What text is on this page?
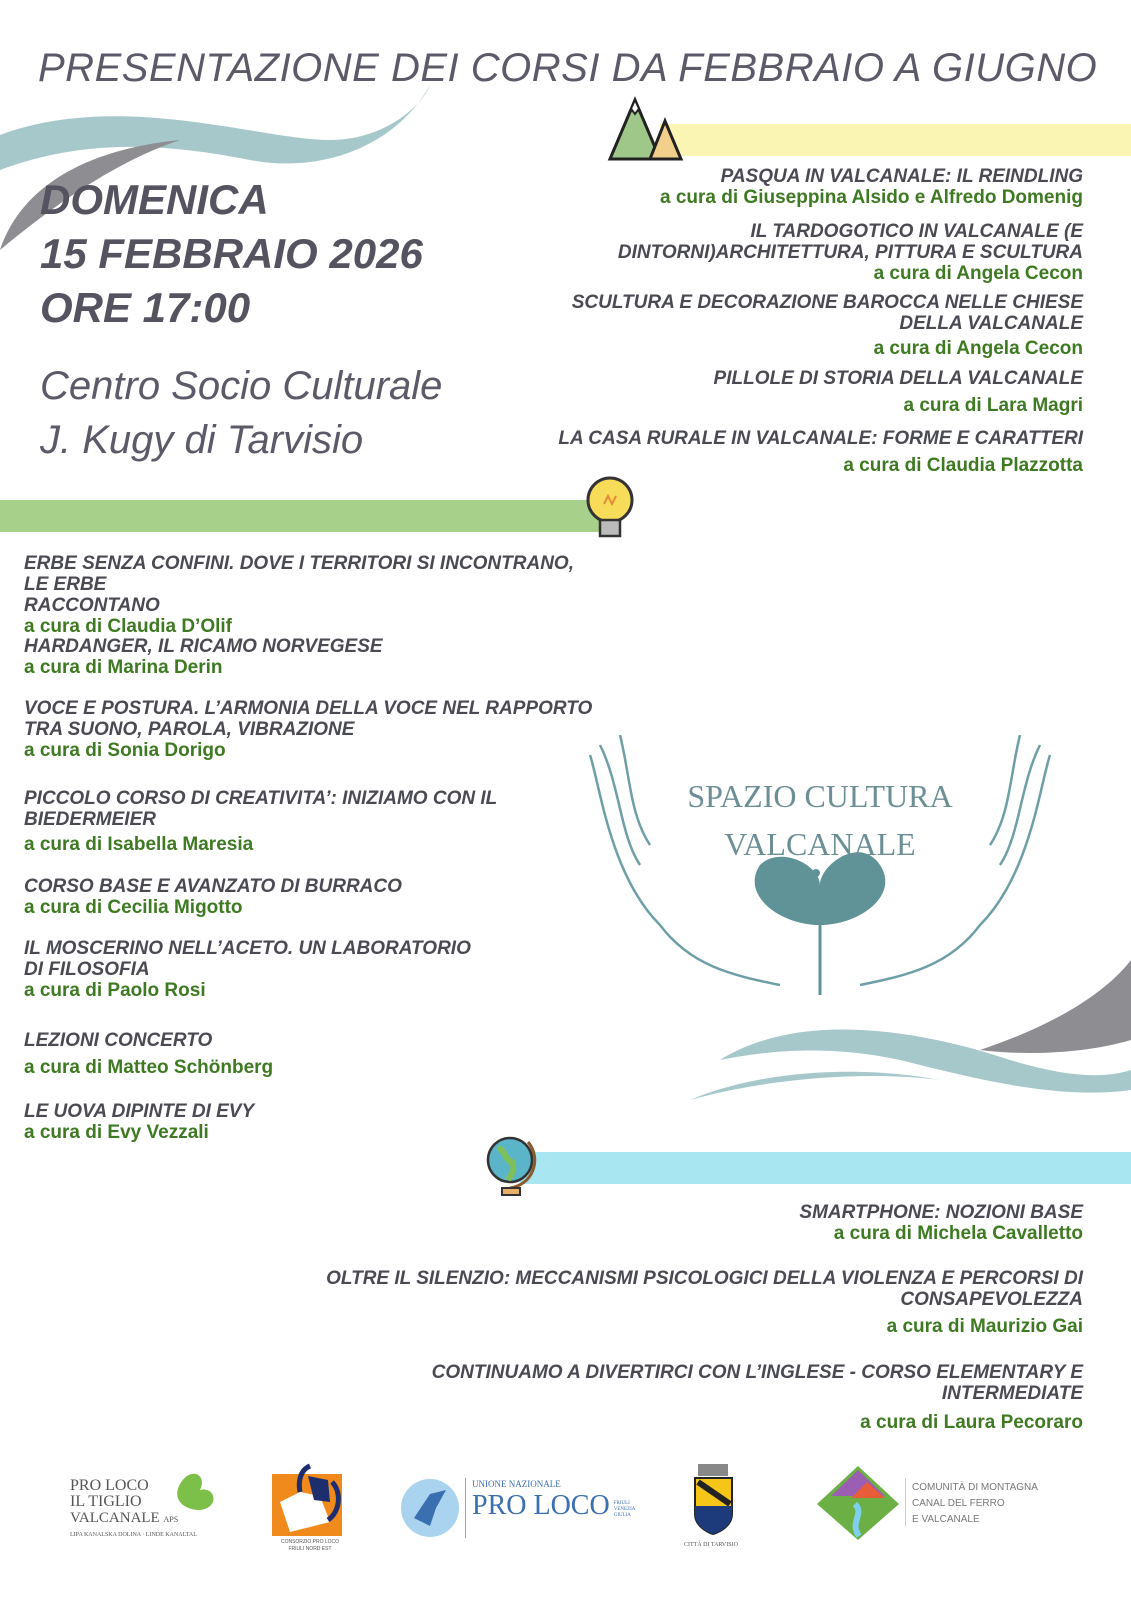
PRESENTAZIONE DEI CORSI DA FEBBRAIO A GIUGNO
DOMENICA
15 FEBBRAIO 2026
ORE 17:00
Centro Socio Culturale
J. Kugy di Tarvisio
SPAZIO CULTURA
VALCANALE
PASQUA IN VALCANALE: IL REINDLING
a cura di Giuseppina Alsido e Alfredo Domenig
IL TARDOGOTICO IN VALCANALE (E
DINTORNI)ARCHITETTURA, PITTURA E SCULTURA
a cura di Angela Cecon
SCULTURA E DECORAZIONE BAROCCA NELLE CHIESE
DELLA VALCANALE
a cura di Angela Cecon
PILLOLE DI STORIA DELLA VALCANALE
a cura di Lara Magri
LA CASA RURALE IN VALCANALE: FORME E CARATTERI
a cura di Claudia Plazzotta
ERBE SENZA CONFINI. DOVE I TERRITORI SI INCONTRANO, LE ERBE
RACCONTANO
a cura di Claudia D’Olif
HARDANGER, IL RICAMO NORVEGESE
a cura di Marina Derin
VOCE E POSTURA. L’ARMONIA DELLA VOCE NEL RAPPORTO
TRA SUONO, PAROLA, VIBRAZIONE
a cura di Sonia Dorigo
PICCOLO CORSO DI CREATIVITA’: INIZIAMO CON IL
BIEDERMEIER
a cura di Isabella Maresia
CORSO BASE E AVANZATO DI BURRACO
a cura di Cecilia Migotto
IL MOSCERINO NELL’ACETO. UN LABORATORIO
DI FILOSOFIA
a cura di Paolo Rosi
LEZIONI CONCERTO
a cura di Matteo Schönberg
LE UOVA DIPINTE DI EVY
a cura di Evy Vezzali
SMARTPHONE: NOZIONI BASE
a cura di Michela Cavalletto
OLTRE IL SILENZIO: MECCANISMI PSICOLOGICI DELLA VIOLENZA E PERCORSI DI
CONSAPEVOLEZZA
a cura di Maurizio Gai
CONTINUAMO A DIVERTIRCI CON L’INGLESE - CORSO ELEMENTARY E
INTERMEDIATE
a cura di Laura Pecoraro
PRO LOCO
IL TIGLIO
VALCANALE APS
LIPA KANALSKA DOLINA · LINDE KANALTAL
CONSORZIO PRO LOCO
FRIULI NORD EST
UNIONE NAZIONALE
PRO LOCO FRIULI VENEZIA GIULIA
CITTÀ DI TARVISIO
COMUNITÀ DI MONTAGNA
CANAL DEL FERRO
E VALCANALE
